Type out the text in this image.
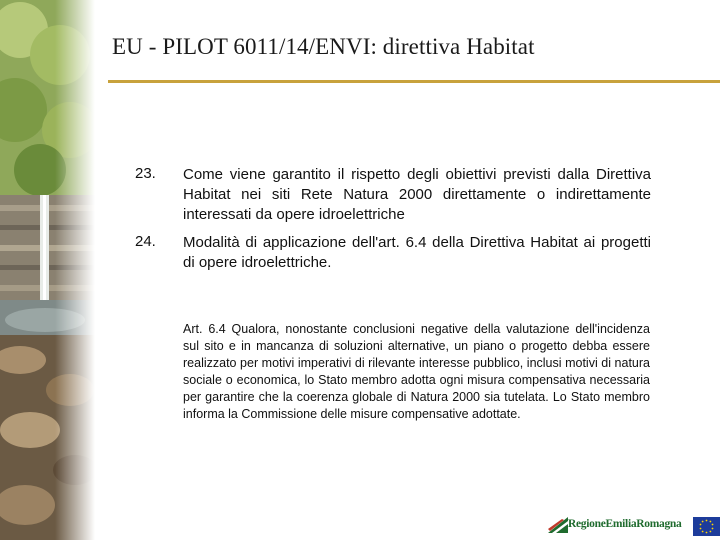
EU - PILOT 6011/14/ENVI: direttiva Habitat
23. Come viene garantito il rispetto degli obiettivi previsti dalla Direttiva Habitat nei siti Rete Natura 2000 direttamente o indirettamente interessati da opere idroelettriche
24. Modalità di applicazione dell'art. 6.4 della Direttiva Habitat ai progetti di opere idroelettriche.
Art. 6.4 Qualora, nonostante conclusioni negative della valutazione dell'incidenza sul sito e in mancanza di soluzioni alternative, un piano o progetto debba essere realizzato per motivi imperativi di rilevante interesse pubblico, inclusi motivi di natura sociale o economica, lo Stato membro adotta ogni misura compensativa necessaria per garantire che la coerenza globale di Natura 2000 sia tutelata. Lo Stato membro informa la Commissione delle misure compensative adottate.
RegioneEmiliaRomagna
